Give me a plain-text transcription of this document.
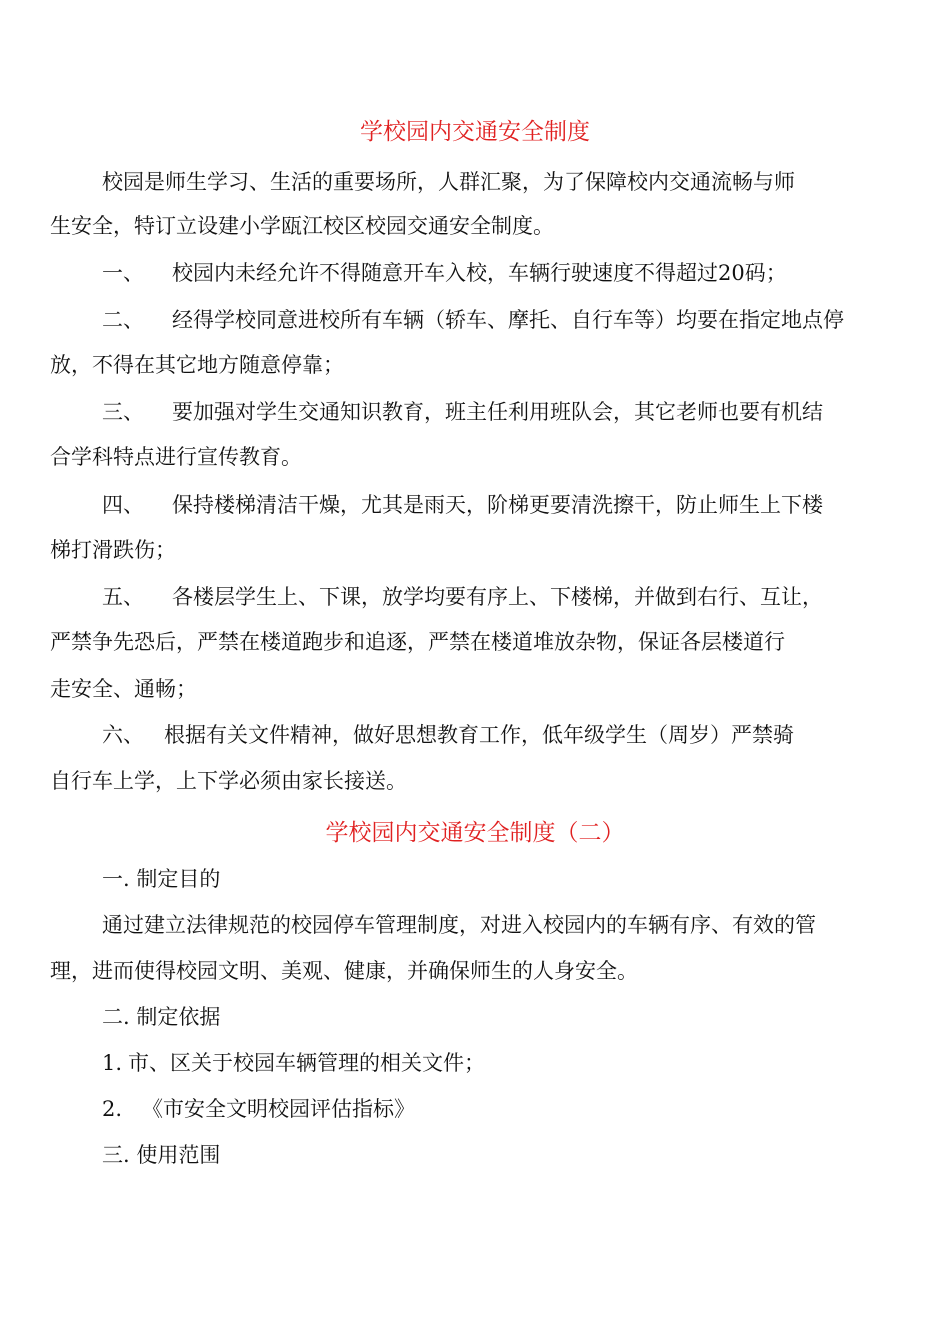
学校园内交通安全制度
校园是师生学习、生活的重要场所，人群汇聚，为了保障校内交通流畅与师
生安全，特订立设建小学瓯江校区校园交通安全制度。
一、 校园内未经允许不得随意开车入校，车辆行驶速度不得超过20码；
二、 经得学校同意进校所有车辆（轿车、摩托、自行车等）均要在指定地点停
放，不得在其它地方随意停靠；
三、 要加强对学生交通知识教育，班主任利用班队会，其它老师也要有机结
合学科特点进行宣传教育。
四、 保持楼梯清洁干燥，尤其是雨天，阶梯更要清洗擦干，防止师生上下楼
梯打滑跌伤；
五、 各楼层学生上、下课，放学均要有序上、下楼梯，并做到右行、互让，
严禁争先恐后，严禁在楼道跑步和追逐，严禁在楼道堆放杂物，保证各层楼道行
走安全、通畅；
六、 根据有关文件精神，做好思想教育工作，低年级学生（周岁）严禁骑
自行车上学，上下学必须由家长接送。
学校园内交通安全制度（二）
一. 制定目的
通过建立法律规范的校园停车管理制度，对进入校园内的车辆有序、有效的管
理，进而使得校园文明、美观、健康，并确保师生的人身安全。
二. 制定依据
1. 市、区关于校园车辆管理的相关文件；
2. 《市安全文明校园评估指标》
三. 使用范围
